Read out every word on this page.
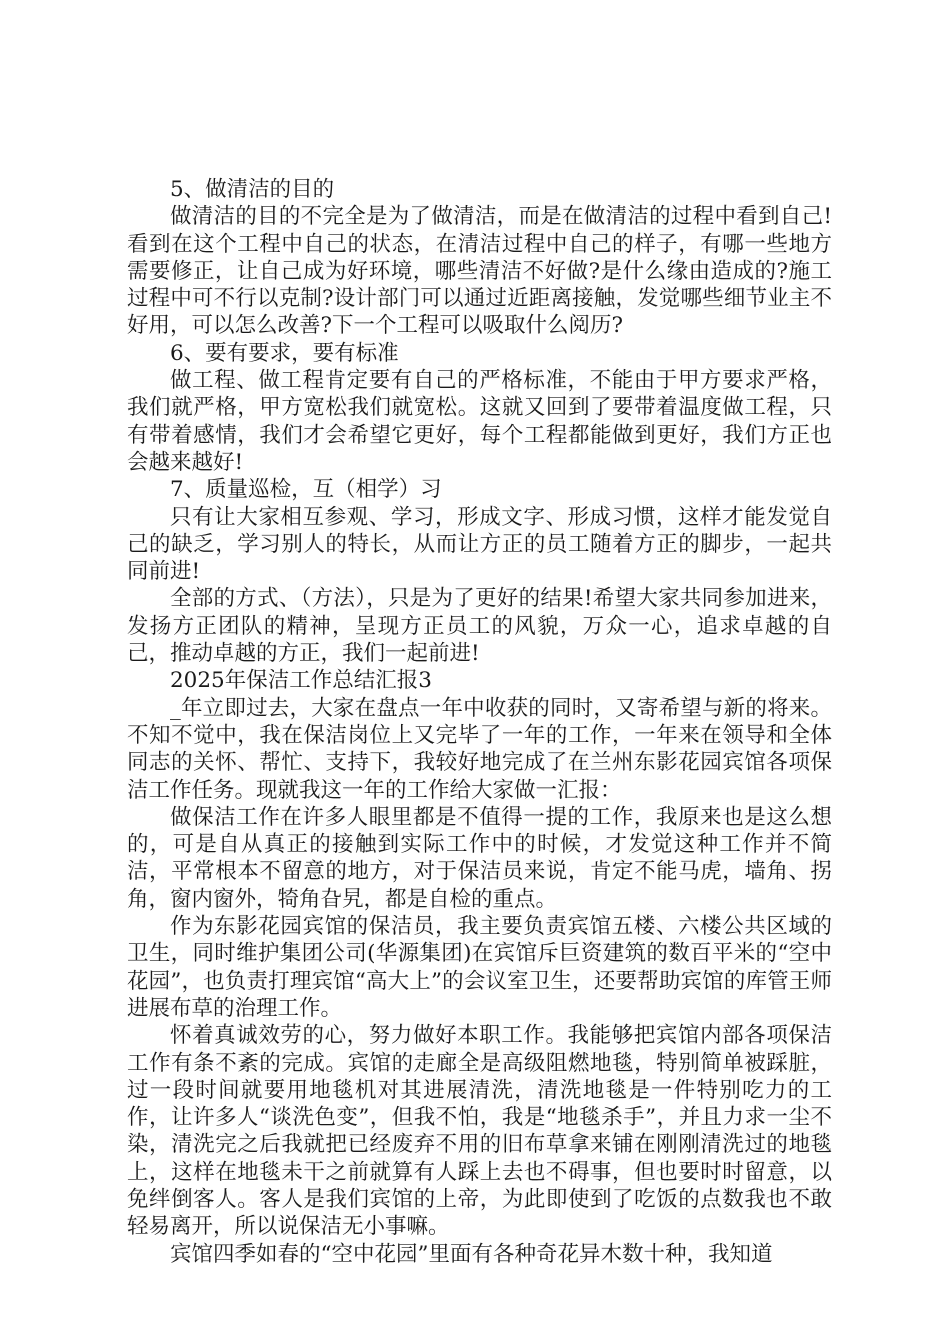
5、做清洁的目的

做清洁的目的不完全是为了做清洁，而是在做清洁的过程中看到自己!看到在这个工程中自己的状态，在清洁过程中自己的样子，有哪一些地方需要修正，让自己成为好环境，哪些清洁不好做?是什么缘由造成的?施工过程中可不行以克制?设计部门可以通过近距离接触，发觉哪些细节业主不好用，可以怎么改善?下一个工程可以吸取什么阅历?

6、要有要求，要有标准

做工程、做工程肯定要有自己的严格标准，不能由于甲方要求严格，我们就严格，甲方宽松我们就宽松。这就又回到了要带着温度做工程，只有带着感情，我们才会希望它更好，每个工程都能做到更好，我们方正也会越来越好!

7、质量巡检，互（相学）习

只有让大家相互参观、学习，形成文字、形成习惯，这样才能发觉自己的缺乏，学习别人的特长，从而让方正的员工随着方正的脚步，一起共同前进!

全部的方式、（方法），只是为了更好的结果!希望大家共同参加进来，发扬方正团队的精神，呈现方正员工的风貌，万众一心，追求卓越的自己，推动卓越的方正，我们一起前进!

2025年保洁工作总结汇报3

_年立即过去，大家在盘点一年中收获的同时，又寄希望与新的将来。不知不觉中，我在保洁岗位上又完毕了一年的工作，一年来在领导和全体同志的关怀、帮忙、支持下，我较好地完成了在兰州东影花园宾馆各项保洁工作任务。现就我这一年的工作给大家做一汇报：

做保洁工作在许多人眼里都是不值得一提的工作，我原来也是这么想的，可是自从真正的接触到实际工作中的时候，才发觉这种工作并不简洁，平常根本不留意的地方，对于保洁员来说，肯定不能马虎，墙角、拐角，窗内窗外，犄角旮旯，都是自检的重点。

作为东影花园宾馆的保洁员，我主要负责宾馆五楼、六楼公共区域的卫生，同时维护集团公司(华源集团)在宾馆斥巨资建筑的数百平米的“空中花园”，也负责打理宾馆“高大上”的会议室卫生，还要帮助宾馆的库管王师进展布草的治理工作。

怀着真诚效劳的心，努力做好本职工作。我能够把宾馆内部各项保洁工作有条不紊的完成。宾馆的走廊全是高级阻燃地毯，特别简单被踩脏，过一段时间就要用地毯机对其进展清洗，清洗地毯是一件特别吃力的工作，让许多人“谈洗色变”，但我不怕，我是“地毯杀手”，并且力求一尘不染，清洗完之后我就把已经废弃不用的旧布草拿来铺在刚刚清洗过的地毯上，这样在地毯未干之前就算有人踩上去也不碍事，但也要时时留意，以免绊倒客人。客人是我们宾馆的上帝，为此即使到了吃饭的点数我也不敢轻易离开，所以说保洁无小事嘛。

宾馆四季如春的“空中花园”里面有各种奇花异木数十种，我知道
